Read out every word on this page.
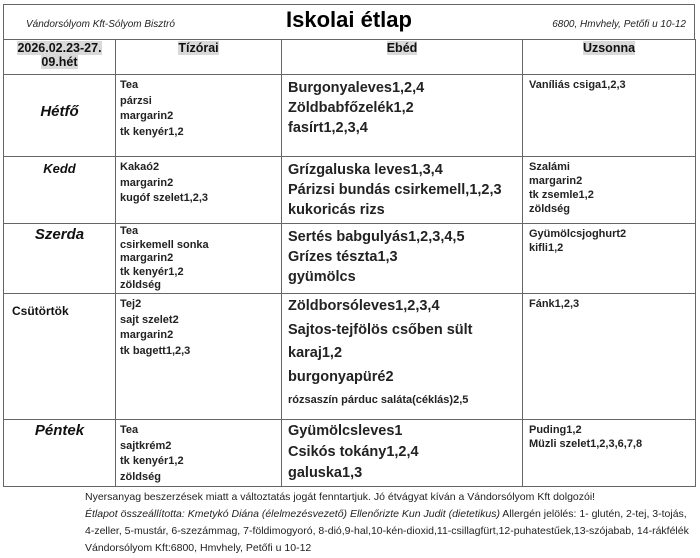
Vándorsólyom Kft-Sólyom Bisztró	Iskolai étlap	6800, Hmvhely, Petőfi u 10-12
2026.02.23-27.
09.hét	Tízórai	Ebéd	Uzsonna
Hétfő	Tea
párzsi
margarin2
tk kenyér1,2	Burgonyaleves1,2,4
Zöldbabfőzelék1,2
fasírt1,2,3,4	Vaníliás csiga1,2,3

Kedd	Kakaó2
margarin2
kugóf szelet1,2,3	Grízgaluska leves1,3,4
Párizsi bundás csirkemell,1,2,3
kukoricás rizs	Szalámi
margarin2
tk zsemle1,2
zöldség

Szerda	Tea
csirkemell sonka
margarin2
tk kenyér1,2
zöldség	Sertés babgulyás1,2,3,4,5
Grízes tészta1,3
gyümölcs	Gyümölcsjoghurt2
kifli1,2

Csütörtök	Tej2
sajt szelet2
margarin2
tk bagett1,2,3	Zöldborsóleves1,2,3,4
Sajtos-tejfölös csőben sült
karaj1,2
burgonyapüré2
rózsaszín párduc saláta(céklás)2,5	Fánk1,2,3

Péntek	Tea
sajtkrém2
tk kenyér1,2
zöldség	Gyümölcsleves1
Csikós tokány1,2,4
galuska1,3	Puding1,2
Müzli szelet1,2,3,6,7,8
Nyersanyag beszerzések miatt a változtatás jogát fenntartjuk. Jó étvágyat kíván a Vándorsólyom Kft dolgozói!
Étlapot összeállította: Kmetykó Diána (élelmezésvezető) Ellenőrizte Kun Judit (dietetikus) Allergén jelölés: 1- glutén, 2-tej, 3-tojás, 4-zeller, 5-mustár, 6-szezámmag, 7-földimogyoró, 8-dió,9-hal,10-kén-dioxid,11-csillagfürt,12-puhatestűek,13-szójabab, 14-rákfélék Vándorsólyom Kft:6800, Hmvhely, Petőfi u 10-12
